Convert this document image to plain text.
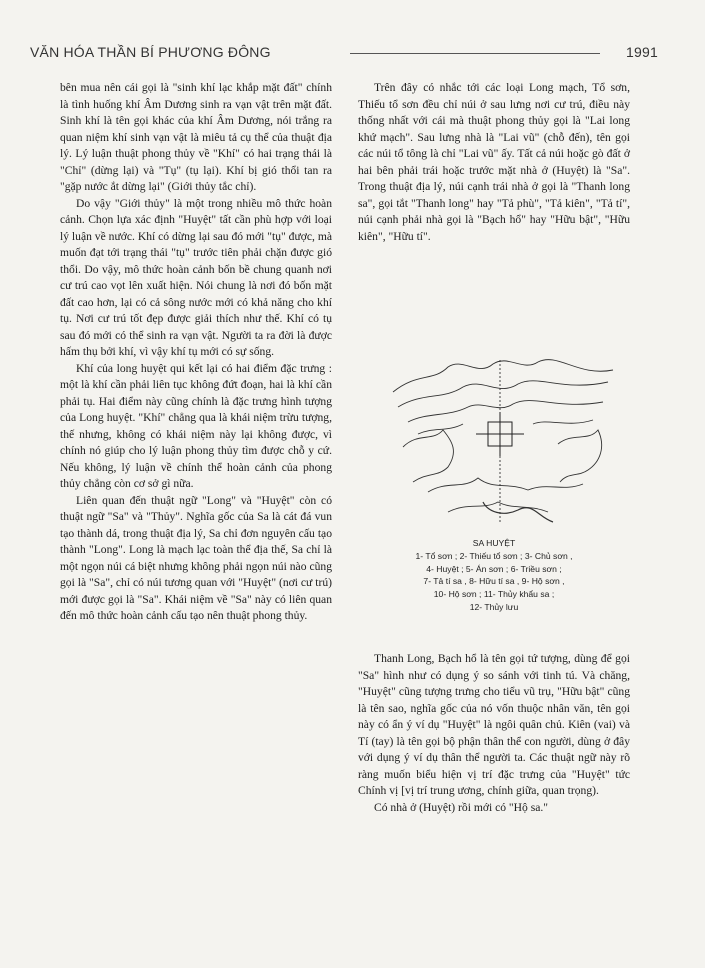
VĂN HÓA THẦN BÍ PHƯƠNG ĐÔNG	1991

bên mua nên cái gọi là "sinh khí lạc khắp mặt đất" chính là tình huống khí Âm Dương sinh ra vạn vật trên mặt đất. Sinh khí là tên gọi khác của khí Âm Dương, nói trắng ra quan niệm khí sinh vạn vật là miêu tả cụ thể của thuật địa lý. Lý luận thuật phong thủy về "Khí" có hai trạng thái là "Chỉ" (dừng lại) và "Tụ" (tụ lại). Khí bị gió thổi tan ra "gặp nước ắt dừng lại" (Giới thủy tắc chỉ).

Do vậy "Giới thủy" là một trong nhiều mô thức hoàn cảnh. Chọn lựa xác định "Huyệt" tất cần phù hợp với loại lý luận về nước. Khí có dừng lại sau đó mới "tụ" được, mà muốn đạt tới trạng thái "tụ" trước tiên phải chặn được gió thổi. Do vậy, mô thức hoàn cảnh bốn bề chung quanh nơi cư trú cao vọt lên xuất hiện. Nói chung là nơi đó bốn mặt đất cao hơn, lại có cả sông nước mới có khả năng cho khí tụ. Nơi cư trú tốt đẹp được giải thích như thế. Khí có tụ sau đó mới có thể sinh ra vạn vật. Người ta ra đời là được hấm thụ bởi khí, vì vậy khí tụ mới có sự sống.

Khí của long huyệt qui kết lại có hai điểm đặc trưng : một là khí cần phải liên tục không đứt đoạn, hai là khí cần phải tụ. Hai điểm này cũng chính là đặc trưng hình tượng của Long huyệt. "Khí" chẳng qua là khái niệm trừu tượng, thế nhưng, không có khái niệm này lại không được, vì chính nó giúp cho lý luận phong thủy tìm được chỗ y cứ. Nếu không, lý luận về chính thể hoàn cảnh của phong thủy chẳng còn cơ sở gì nữa.

Liên quan đến thuật ngữ "Long" và "Huyệt" còn có thuật ngữ "Sa" và "Thủy". Nghĩa gốc của Sa là cát đá vun tạo thành dá, trong thuật địa lý, Sa chỉ đơn nguyên cấu tạo thành "Long". Long là mạch lạc toàn thể địa thế, Sa chỉ là một ngọn núi cá biệt nhưng không phải ngọn núi nào cũng gọi là "Sa", chỉ có núi tương quan với "Huyệt" (nơi cư trú) mới được gọi là "Sa". Khái niệm về "Sa" này có liên quan đến mô thức hoàn cảnh cấu tạo nên thuật phong thủy.

Trên đây có nhắc tới các loại Long mạch, Tổ sơn, Thiếu tổ sơn đều chỉ núi ở sau lưng nơi cư trú, điều này thống nhất với cái mà thuật phong thủy gọi là "Lai long khứ mạch". Sau lưng nhà là "Lai vũ" (chỗ đến), tên gọi các núi tổ tông là chỉ "Lai vũ" ấy. Tất cả núi hoặc gò đất ở hai bên phải trái hoặc trước mặt nhà ở (Huyệt) là "Sa". Trong thuật địa lý, núi cạnh trái nhà ở gọi là "Thanh long sa", gọi tắt "Thanh long" hay "Tả phù", "Tả kiên", "Tả tí", núi cạnh phải nhà gọi là "Bạch hổ" hay "Hữu bật", "Hữu kiên", "Hữu tí".

SA HUYỆT
1- Tổ sơn ; 2- Thiếu tổ sơn ; 3- Chủ sơn ,
4- Huyệt ; 5- Án sơn ; 6- Triều sơn ;
7- Tả tí sa , 8- Hữu tí sa , 9- Hộ sơn ,
10- Hộ sơn ; 11- Thủy khẩu sa ;
12- Thủy lưu

Thanh Long, Bạch hổ là tên gọi tứ tượng, dùng để gọi "Sa" hình như có dụng ý so sánh với tinh tú. Và chăng, "Huyệt" cũng tượng trưng cho tiểu vũ trụ, "Hữu bật" cũng là tên sao, nghĩa gốc của nó vốn thuộc nhân văn, tên gọi này có ẩn ý ví dụ "Huyệt" là ngôi quân chủ. Kiên (vai) và Tí (tay) là tên gọi bộ phận thân thể con người, dùng ở đây với dụng ý ví dụ thân thể người ta. Các thuật ngữ này rõ ràng muốn biểu hiện vị trí đặc trưng của "Huyệt" tức Chính vị [vị trí trung ương, chính giữa, quan trọng).

Có nhà ở (Huyệt) rồi mới có "Hộ sa."
